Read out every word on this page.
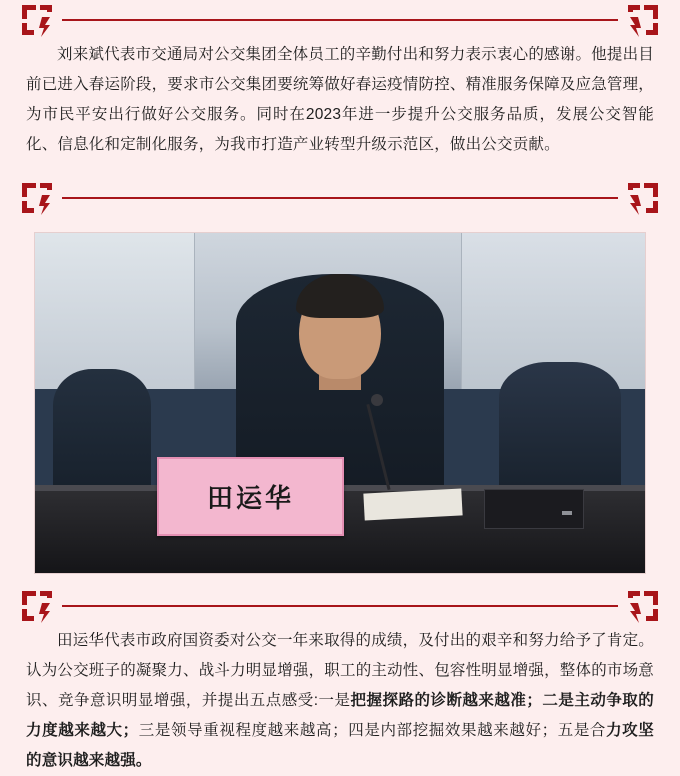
刘来斌代表市交通局对公交集团全体员工的辛勤付出和努力表示衷心的感谢。他提出目前已进入春运阶段，要求市公交集团要统筹做好春运疫情防控、精准服务保障及应急管理，为市民平安出行做好公交服务。同时在2023年进一步提升公交服务品质，发展公交智能化、信息化和定制化服务，为我市打造产业转型升级示范区，做出公交贡献。

田运华

田运华代表市政府国资委对公交一年来取得的成绩，及付出的艰辛和努力给予了肯定。认为公交班子的凝聚力、战斗力明显增强，职工的主动性、包容性明显增强，整体的市场意识、竞争意识明显增强，并提出五点感受:一是把握探路的诊断越来越准；二是主动争取的力度越来越大；三是领导重视程度越来越高；四是内部挖掘效果越来越好；五是合力攻坚的意识越来越强。
